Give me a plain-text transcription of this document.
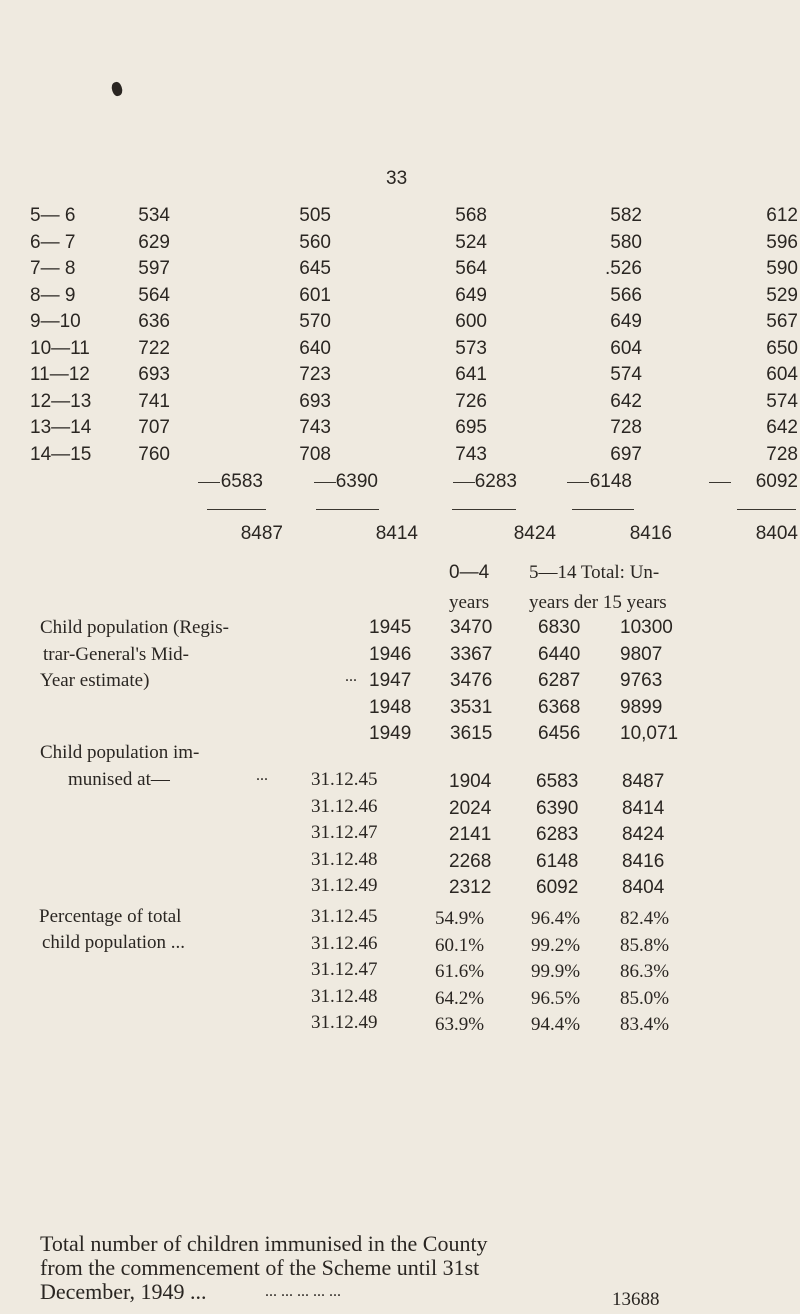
33
5— 6	534	505	568	582	612
6— 7	629	560	524	580	596
7— 8	597	645	564	.526	590
8— 9	564	601	649	566	529
9—10	636	570	600	649	567
10—11	722	640	573	604	650
11—12	693	723	641	574	604
12—13	741	693	726	642	574
13—14	707	743	695	728	642
14—15	760	708	743	697	728
6583	6390	6283	6148	6092
8487	8414	8424	8416	8404
0—4
years
5—14 Total: Un-
years der 15 years
Child population (Regis-
trar-General's Mid-
Year estimate)	...
1945 3470 6830 10300
1946 3367 6440 9807
1947 3476 6287 9763
1948 3531 6368 9899
1949 3615 6456 10,071
Child population im-
munised at—	... 31.12.45	1904 6583 8487
31.12.46	2024 6390 8414
31.12.47	2141 6283 8424
31.12.48	2268 6148 8416
31.12.49	2312 6092 8404
Percentage of total
child population ...
31.12.45	54.9% 96.4% 82.4%
31.12.46	60.1% 99.2% 85.8%
31.12.47	61.6% 99.9% 86.3%
31.12.48	64.2% 96.5% 85.0%
31.12.49	63.9% 94.4% 83.4%
Total number of children immunised in the County
from the commencement of the Scheme until 31st
December, 1949 ...	... ... ... ... ...	13688
